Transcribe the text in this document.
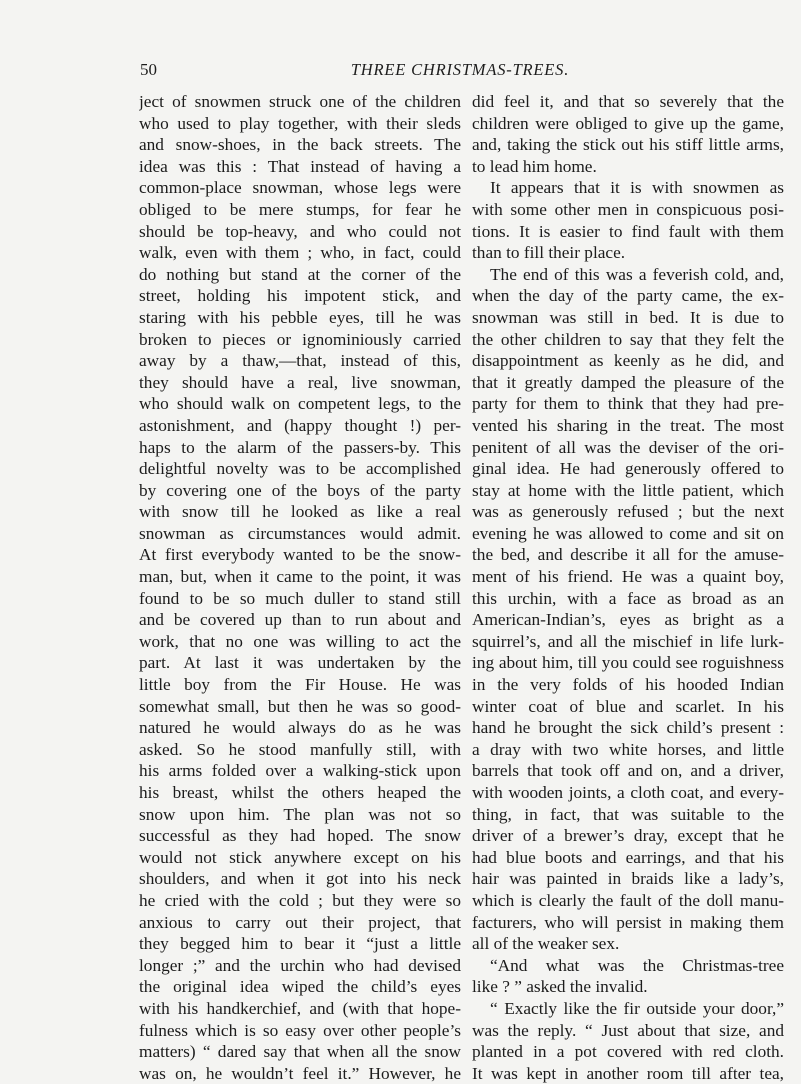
50	THREE CHRISTMAS-TREES.
ject of snowmen struck one of the children
who used to play together, with their sleds
and snow-shoes, in the back streets. The
idea was this : That instead of having a
common-place snowman, whose legs were
obliged to be mere stumps, for fear he
should be top-heavy, and who could not
walk, even with them ; who, in fact, could
do nothing but stand at the corner of the
street, holding his impotent stick, and
staring with his pebble eyes, till he was
broken to pieces or ignominiously carried
away by a thaw,—that, instead of this,
they should have a real, live snowman,
who should walk on competent legs, to the
astonishment, and (happy thought !) per-
haps to the alarm of the passers-by. This
delightful novelty was to be accomplished
by covering one of the boys of the party
with snow till he looked as like a real
snowman as circumstances would admit.
At first everybody wanted to be the snow-
man, but, when it came to the point, it was
found to be so much duller to stand still
and be covered up than to run about and
work, that no one was willing to act the
part. At last it was undertaken by the
little boy from the Fir House. He was
somewhat small, but then he was so good-
natured he would always do as he was
asked. So he stood manfully still, with
his arms folded over a walking-stick upon
his breast, whilst the others heaped the
snow upon him. The plan was not so
successful as they had hoped. The snow
would not stick anywhere except on his
shoulders, and when it got into his neck
he cried with the cold ; but they were so
anxious to carry out their project, that
they begged him to bear it “just a little
longer ;” and the urchin who had devised
the original idea wiped the child’s eyes
with his handkerchief, and (with that hope-
fulness which is so easy over other people’s
matters) “ dared say that when all the snow
was on, he wouldn’t feel it.” However, he
did feel it, and that so severely that the
children were obliged to give up the game,
and, taking the stick out his stiff little arms,
to lead him home.
It appears that it is with snowmen as
with some other men in conspicuous posi-
tions. It is easier to find fault with them
than to fill their place.
The end of this was a feverish cold, and,
when the day of the party came, the ex-
snowman was still in bed. It is due to
the other children to say that they felt the
disappointment as keenly as he did, and
that it greatly damped the pleasure of the
party for them to think that they had pre-
vented his sharing in the treat. The most
penitent of all was the deviser of the ori-
ginal idea. He had generously offered to
stay at home with the little patient, which
was as generously refused ; but the next
evening he was allowed to come and sit on
the bed, and describe it all for the amuse-
ment of his friend. He was a quaint boy,
this urchin, with a face as broad as an
American-Indian’s, eyes as bright as a
squirrel’s, and all the mischief in life lurk-
ing about him, till you could see roguishness
in the very folds of his hooded Indian
winter coat of blue and scarlet. In his
hand he brought the sick child’s present :
a dray with two white horses, and little
barrels that took off and on, and a driver,
with wooden joints, a cloth coat, and every-
thing, in fact, that was suitable to the
driver of a brewer’s dray, except that he
had blue boots and earrings, and that his
hair was painted in braids like a lady’s,
which is clearly the fault of the doll manu-
facturers, who will persist in making them
all of the weaker sex.
“And what was the Christmas-tree
like ? ” asked the invalid.
“ Exactly like the fir outside your door,”
was the reply. “ Just about that size, and
planted in a pot covered with red cloth.
It was kept in another room till after tea,
